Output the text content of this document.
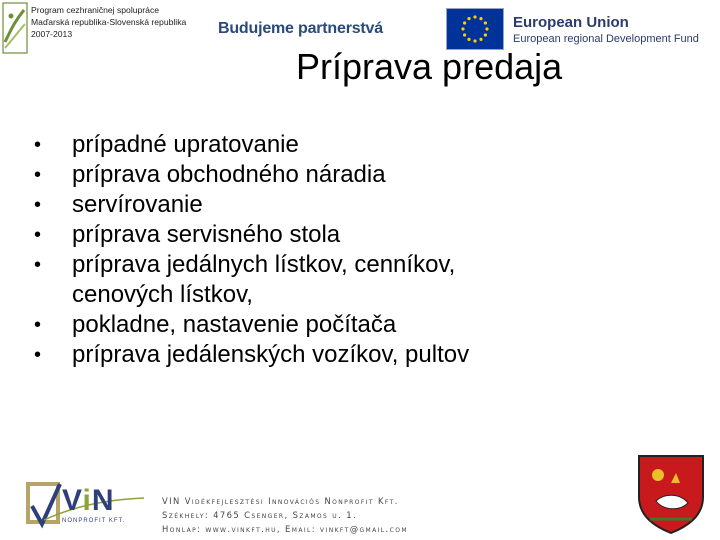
Program cezhraničnej spolupráce
Maďarská republika-Slovenská republika
2007-2013	Budujeme partnerstvá	European Union
European regional Development Fund
Príprava predaja
• prípadné upratovanie
• príprava obchodného náradia
• servírovanie
• príprava servisného stola
• príprava jedálnych lístkov, cenníkov,
cenových lístkov,
• pokladne, nastavenie počítača
• príprava jedálenských vozíkov, pultov
ViN
NONPROFIT KFT.
VIN Vidékfejlesztési Innovációs Nonprofit Kft.
Székhely: 4765 Csenger, Szamos u. 1.
Honlap: www.vinkft.hu, Email: vinkft@gmail.com
